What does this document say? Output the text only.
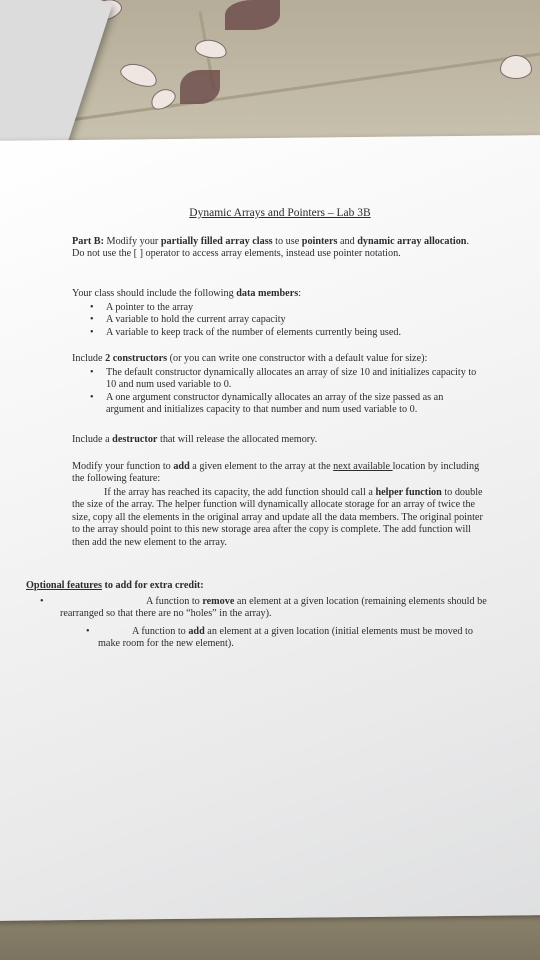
Dynamic Arrays and Pointers – Lab 3B
Part B: Modify your partially filled array class to use pointers and dynamic array allocation. Do not use the [ ] operator to access array elements, instead use pointer notation.
Your class should include the following data members:
• A pointer to the array
• A variable to hold the current array capacity
• A variable to keep track of the number of elements currently being used.
Include 2 constructors (or you can write one constructor with a default value for size):
• The default constructor dynamically allocates an array of size 10 and initializes capacity to 10 and num used variable to 0.
• A one argument constructor dynamically allocates an array of the size passed as an argument and initializes capacity to that number and num used variable to 0.
Include a destructor that will release the allocated memory.
Modify your function to add a given element to the array at the next available location by including the following feature:
If the array has reached its capacity, the add function should call a helper function to double the size of the array. The helper function will dynamically allocate storage for an array of twice the size, copy all the elements in the original array and update all the data members. The original pointer to the array should point to this new storage area after the copy is complete. The add function will then add the new element to the array.
Optional features to add for extra credit:
•	A function to remove an element at a given location (remaining elements should be rearranged so that there are no “holes” in the array).
•	A function to add an element at a given location (initial elements must be moved to make room for the new element).
